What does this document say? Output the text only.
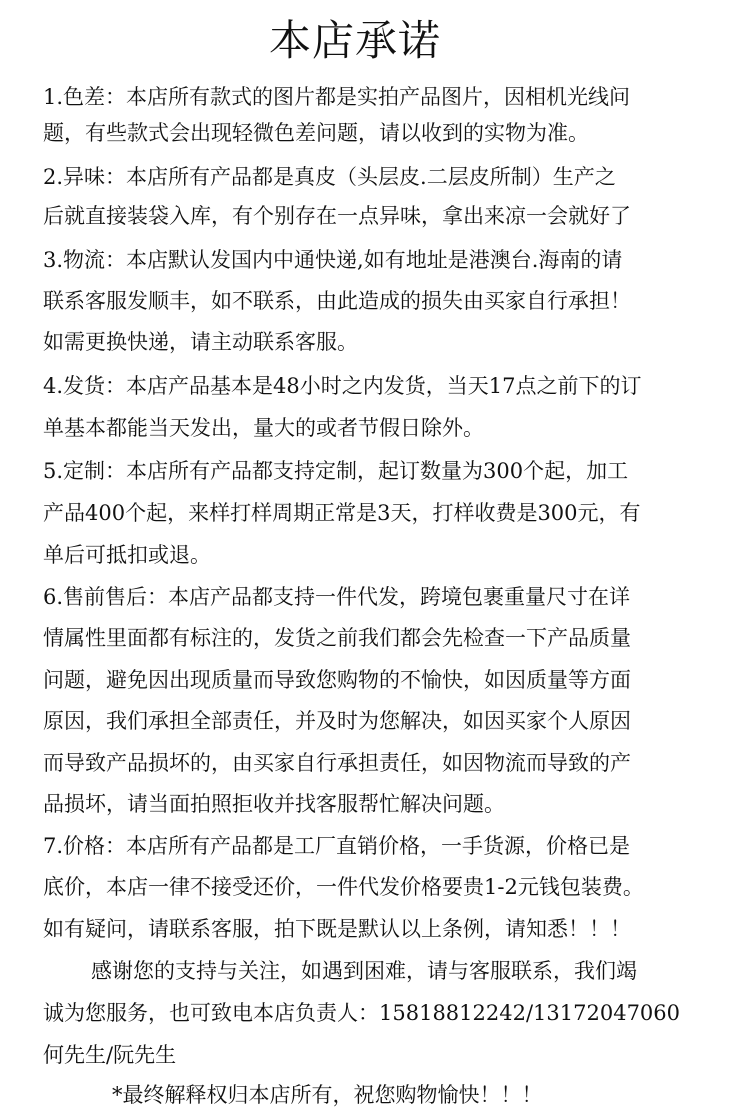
本店承诺
1.色差：本店所有款式的图片都是实拍产品图片，因相机光线问
题，有些款式会出现轻微色差问题，请以收到的实物为准。
2.异味：本店所有产品都是真皮（头层皮.二层皮所制）生产之
后就直接装袋入库，有个别存在一点异味，拿出来凉一会就好了
3.物流：本店默认发国内中通快递,如有地址是港澳台.海南的请
联系客服发顺丰，如不联系，由此造成的损失由买家自行承担！
如需更换快递，请主动联系客服。
4.发货：本店产品基本是48小时之内发货，当天17点之前下的订
单基本都能当天发出，量大的或者节假日除外。
5.定制：本店所有产品都支持定制，起订数量为300个起，加工
产品400个起，来样打样周期正常是3天，打样收费是300元，有
单后可抵扣或退。
6.售前售后：本店产品都支持一件代发，跨境包裹重量尺寸在详
情属性里面都有标注的，发货之前我们都会先检查一下产品质量
问题，避免因出现质量而导致您购物的不愉快，如因质量等方面
原因，我们承担全部责任，并及时为您解决，如因买家个人原因
而导致产品损坏的，由买家自行承担责任，如因物流而导致的产
品损坏，请当面拍照拒收并找客服帮忙解决问题。
7.价格：本店所有产品都是工厂直销价格，一手货源，价格已是
底价，本店一律不接受还价，一件代发价格要贵1-2元钱包装费。
如有疑问，请联系客服，拍下既是默认以上条例，请知悉！！！
感谢您的支持与关注，如遇到困难，请与客服联系，我们竭
诚为您服务，也可致电本店负责人：15818812242/13172047060
何先生/阮先生
*最终解释权归本店所有，祝您购物愉快！！！
